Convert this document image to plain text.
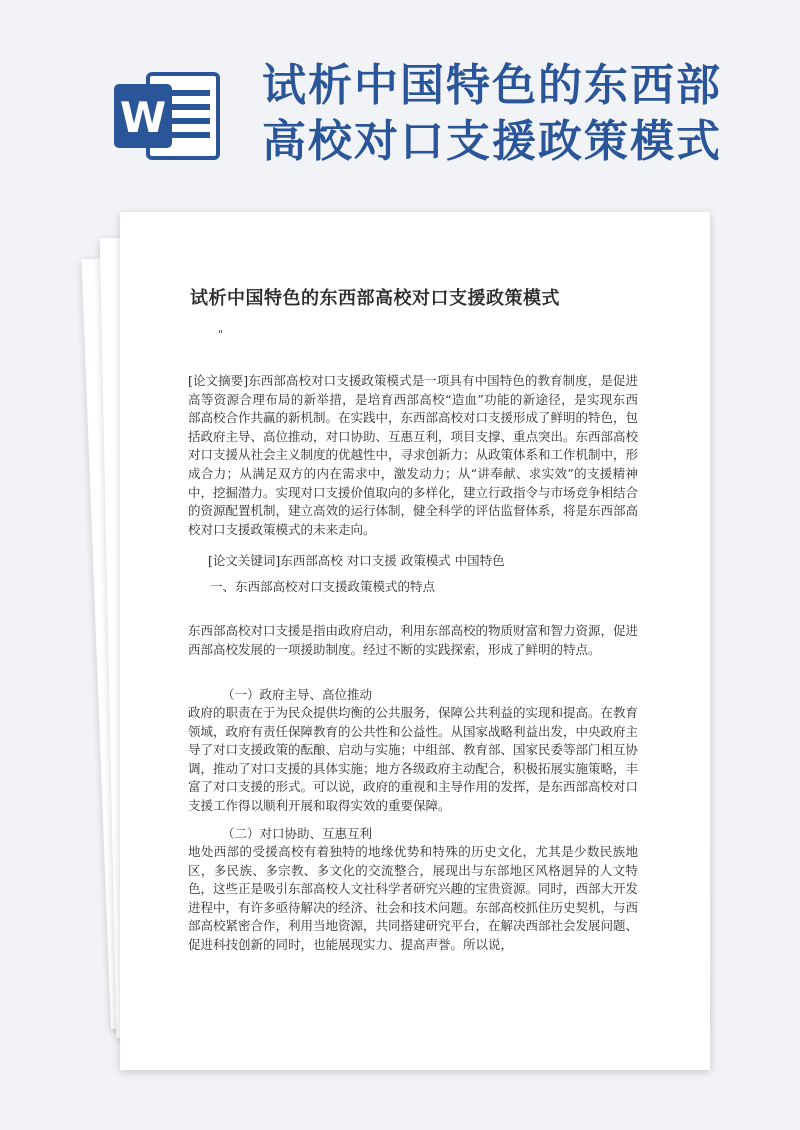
W
试析中国特色的东西部
高校对口支援政策模式
试析中国特色的东西部高校对口支援政策模式
"
[论文摘要]东西部高校对口支援政策模式是一项具有中国特色的教育制度，是促进高等资源合理布局的新举措，是培育西部高校“造血”功能的新途径，是实现东西部高校合作共赢的新机制。在实践中，东西部高校对口支援形成了鲜明的特色，包括政府主导、高位推动，对口协助、互惠互利，项目支撑、重点突出。东西部高校对口支援从社会主义制度的优越性中，寻求创新力；从政策体系和工作机制中，形成合力；从满足双方的内在需求中，激发动力；从“讲奉献、求实效”的支援精神中，挖掘潜力。实现对口支援价值取向的多样化，建立行政指令与市场竞争相结合的资源配置机制，建立高效的运行体制，健全科学的评估监督体系，将是东西部高校对口支援政策模式的未来走向。
[论文关键词]东西部高校 对口支援 政策模式 中国特色
一、东西部高校对口支援政策模式的特点
东西部高校对口支援是指由政府启动，利用东部高校的物质财富和智力资源，促进西部高校发展的一项援助制度。经过不断的实践探索，形成了鲜明的特点。
（一）政府主导、高位推动
政府的职责在于为民众提供均衡的公共服务，保障公共利益的实现和提高。在教育领域，政府有责任保障教育的公共性和公益性。从国家战略利益出发，中央政府主导了对口支援政策的酝酿、启动与实施；中组部、教育部、国家民委等部门相互协调，推动了对口支援的具体实施；地方各级政府主动配合，积极拓展实施策略，丰富了对口支援的形式。可以说，政府的重视和主导作用的发挥，是东西部高校对口支援工作得以顺利开展和取得实效的重要保障。
（二）对口协助、互惠互利
地处西部的受援高校有着独特的地缘优势和特殊的历史文化，尤其是少数民族地区，多民族、多宗教、多文化的交流整合，展现出与东部地区风格迥异的人文特色，这些正是吸引东部高校人文社科学者研究兴趣的宝贵资源。同时，西部大开发进程中，有许多亟待解决的经济、社会和技术问题。东部高校抓住历史契机，与西部高校紧密合作，利用当地资源，共同搭建研究平台，在解决西部社会发展问题、促进科技创新的同时，也能展现实力、提高声誉。所以说，
